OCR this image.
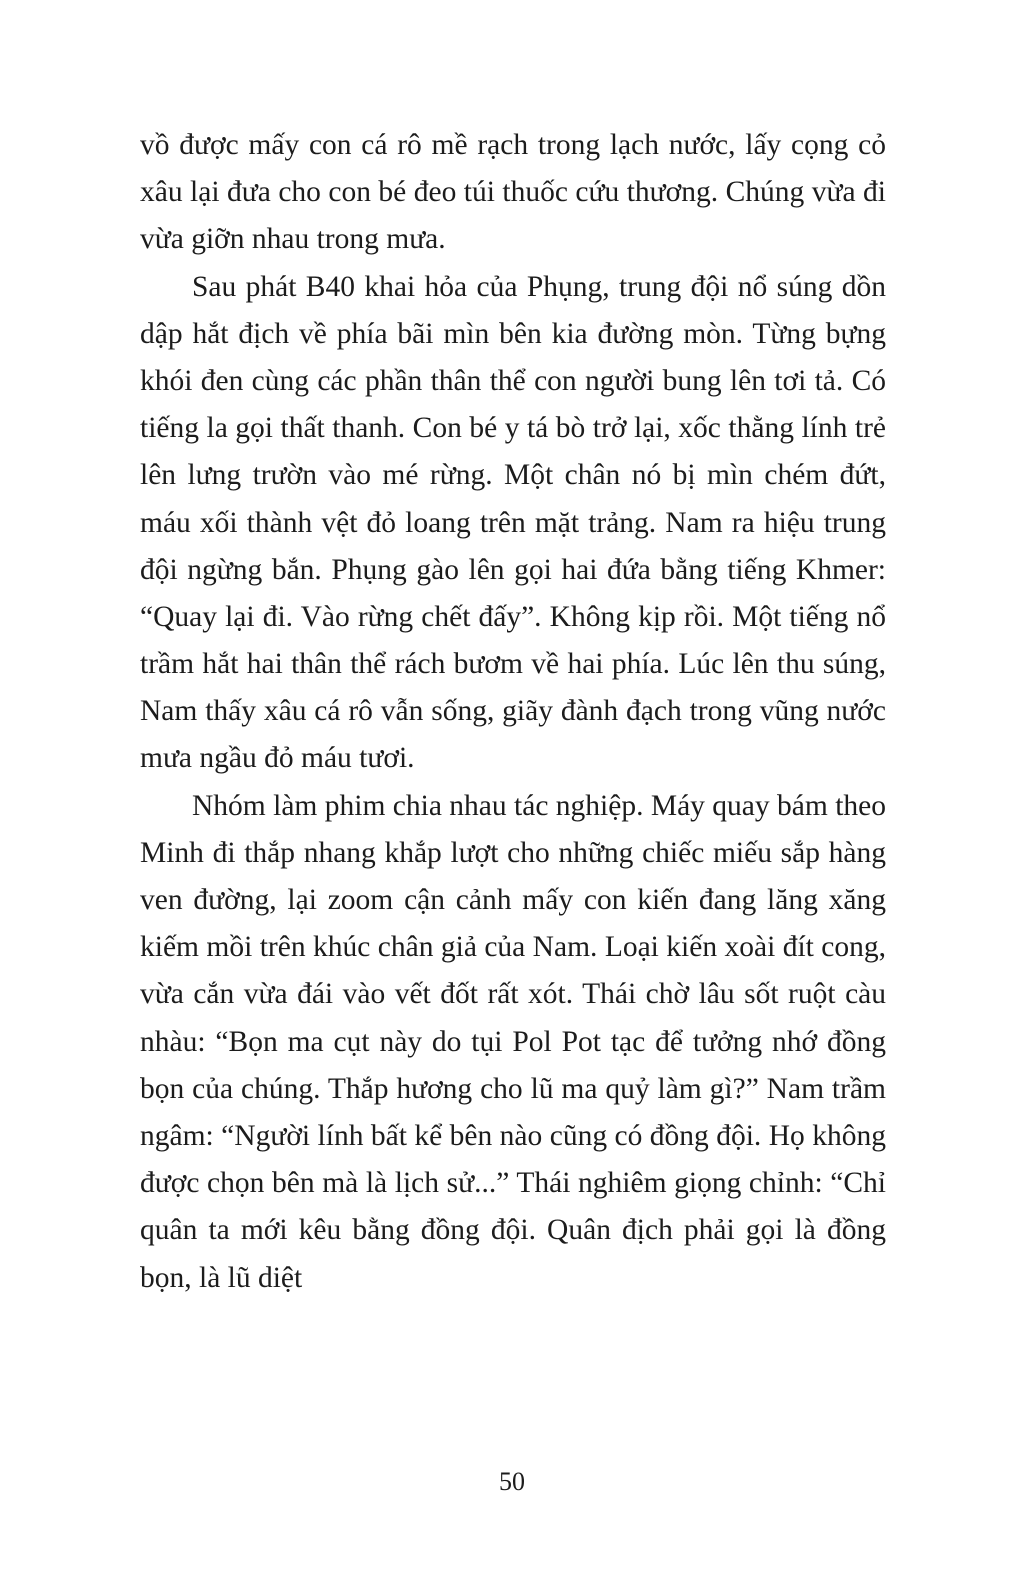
vồ được mấy con cá rô mề rạch trong lạch nước, lấy cọng cỏ xâu lại đưa cho con bé đeo túi thuốc cứu thương. Chúng vừa đi vừa giỡn nhau trong mưa.

Sau phát B40 khai hỏa của Phụng, trung đội nổ súng dồn dập hắt địch về phía bãi mìn bên kia đường mòn. Từng bựng khói đen cùng các phần thân thể con người bung lên tơi tả. Có tiếng la gọi thất thanh. Con bé y tá bò trở lại, xốc thằng lính trẻ lên lưng trườn vào mé rừng. Một chân nó bị mìn chém đứt, máu xối thành vệt đỏ loang trên mặt trảng. Nam ra hiệu trung đội ngừng bắn. Phụng gào lên gọi hai đứa bằng tiếng Khmer: “Quay lại đi. Vào rừng chết đấy”. Không kịp rồi. Một tiếng nổ trầm hắt hai thân thể rách bươm về hai phía. Lúc lên thu súng, Nam thấy xâu cá rô vẫn sống, giãy đành đạch trong vũng nước mưa ngầu đỏ máu tươi.

Nhóm làm phim chia nhau tác nghiệp. Máy quay bám theo Minh đi thắp nhang khắp lượt cho những chiếc miếu sắp hàng ven đường, lại zoom cận cảnh mấy con kiến đang lăng xăng kiếm mồi trên khúc chân giả của Nam. Loại kiến xoài đít cong, vừa cắn vừa đái vào vết đốt rất xót. Thái chờ lâu sốt ruột càu nhàu: “Bọn ma cụt này do tụi Pol Pot tạc để tưởng nhớ đồng bọn của chúng. Thắp hương cho lũ ma quỷ làm gì?” Nam trầm ngâm: “Người lính bất kể bên nào cũng có đồng đội. Họ không được chọn bên mà là lịch sử...” Thái nghiêm giọng chỉnh: “Chỉ quân ta mới kêu bằng đồng đội. Quân địch phải gọi là đồng bọn, là lũ diệt

50
